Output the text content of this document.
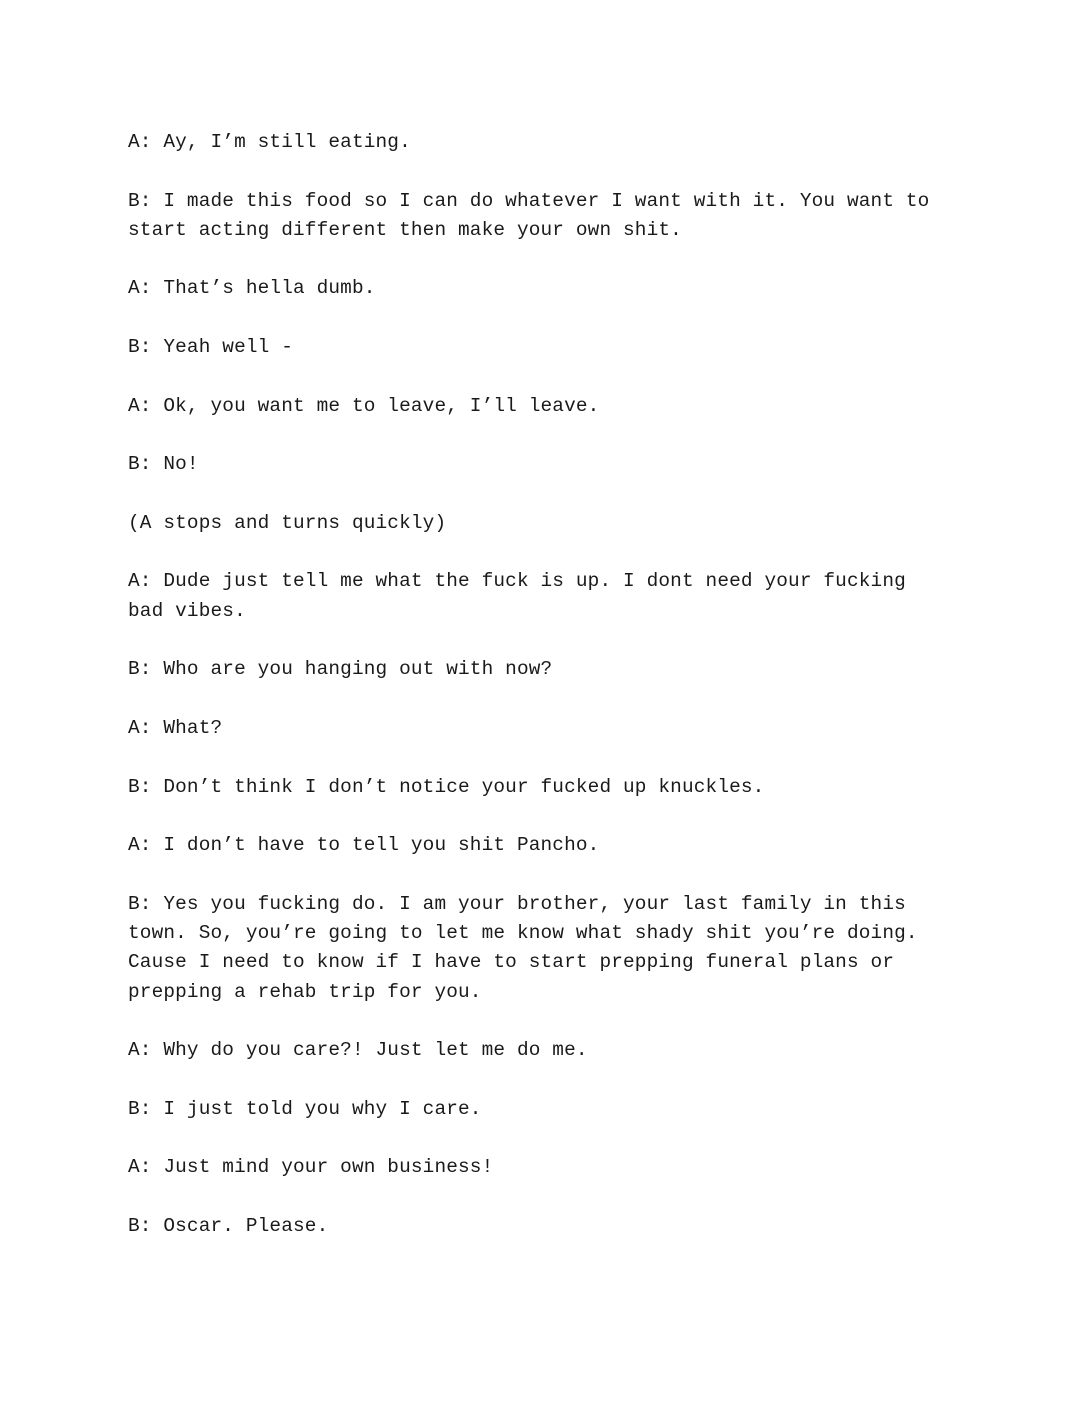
A: Ay, I’m still eating.

B: I made this food so I can do whatever I want with it. You want to start acting different then make your own shit.

A: That’s hella dumb.

B: Yeah well -

A: Ok, you want me to leave, I’ll leave.

B: No!

(A stops and turns quickly)

A: Dude just tell me what the fuck is up. I dont need your fucking bad vibes.

B: Who are you hanging out with now?

A: What?

B: Don’t think I don’t notice your fucked up knuckles.

A: I don’t have to tell you shit Pancho.

B: Yes you fucking do. I am your brother, your last family in this town. So, you’re going to let me know what shady shit you’re doing. Cause I need to know if I have to start prepping funeral plans or prepping a rehab trip for you.

A: Why do you care?! Just let me do me.

B: I just told you why I care.

A: Just mind your own business!

B: Oscar. Please.
